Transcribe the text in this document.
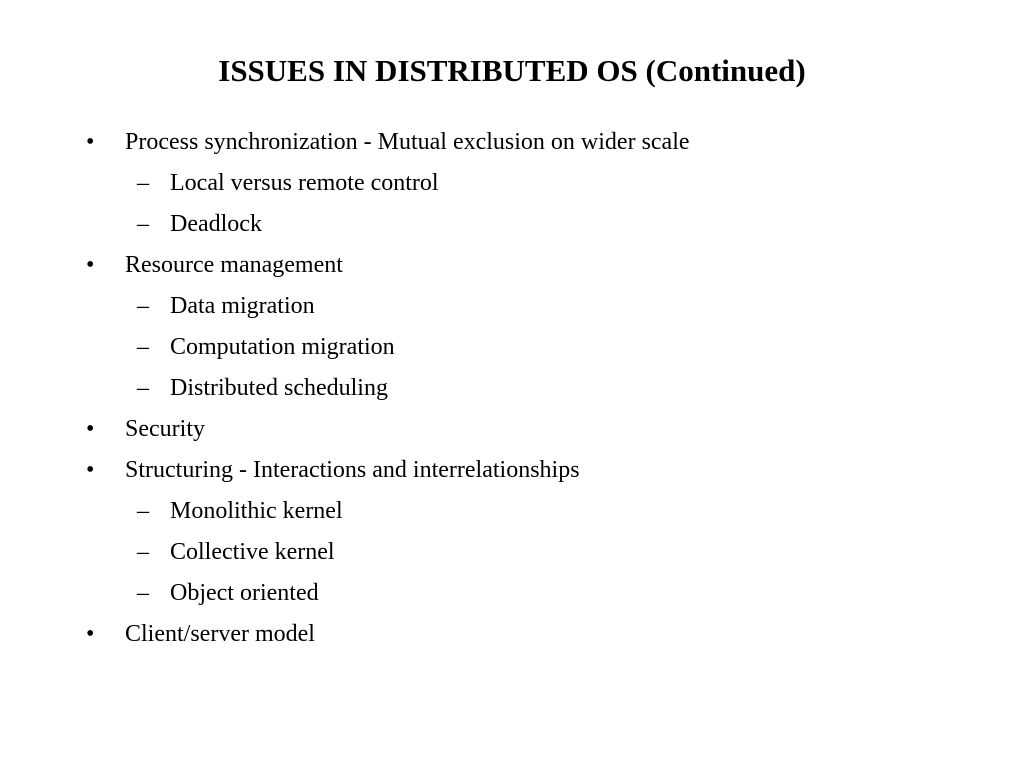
ISSUES IN DISTRIBUTED OS (Continued)
• Process synchronization - Mutual exclusion on wider scale
– Local versus remote control
– Deadlock
• Resource management
– Data migration
– Computation migration
– Distributed scheduling
• Security
• Structuring - Interactions and interrelationships
– Monolithic kernel
– Collective kernel
– Object oriented
• Client/server model
